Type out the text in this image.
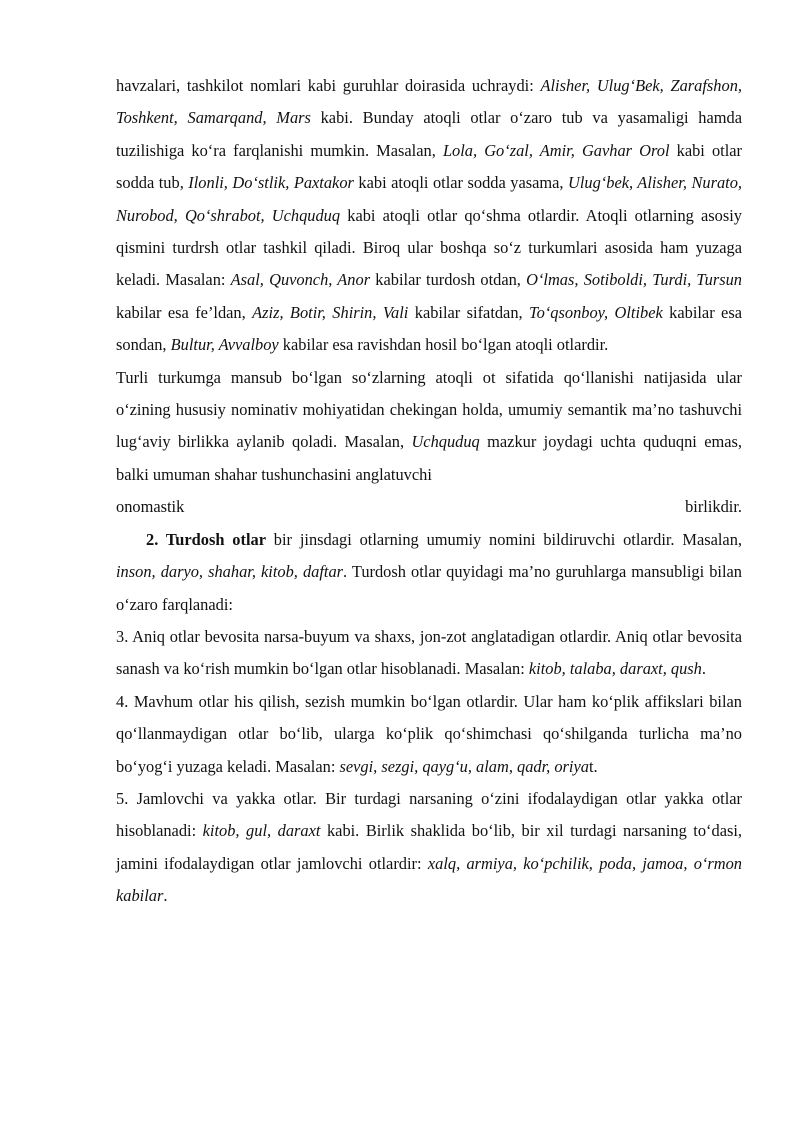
havzalari, tashkilot nomlari kabi guruhlar doirasida uchraydi: Alisher, Ulug‘Bek, Zarafshon, Toshkent, Samarqand, Mars kabi. Bunday atoqli otlar o‘zaro tub va yasamaligi hamda tuzilishiga ko‘ra farqlanishi mumkin. Masalan, Lola, Go‘zal, Amir, Gavhar Orol kabi otlar sodda tub, Ilonli, Do‘stlik, Paxtakor kabi atoqli otlar sodda yasama, Ulug‘bek, Alisher, Nurato, Nurobod, Qo‘shrabot, Uchquduq kabi atoqli otlar qo‘shma otlardir. Atoqli otlarning asosiy qismini turdrsh otlar tashkil qiladi. Biroq ular boshqa so‘z turkumlari asosida ham yuzaga keladi. Masalan: Asal, Quvonch, Anor kabilar turdosh otdan, O‘lmas, Sotiboldi, Turdi, Tursun kabilar esa fe’ldan, Aziz, Botir, Shirin, Vali kabilar sifatdan, To‘qsonboy, Oltibek kabilar esa sondan, Bultur, Avvalboy kabilar esa ravishdan hosil bo‘lgan atoqli otlardir.

Turli turkumga mansub bo‘lgan so‘zlarning atoqli ot sifatida qo‘llanishi natijasida ular o‘zining hususiy nominativ mohiyatidan chekingan holda, umumiy semantik ma’no tashuvchi lug‘aviy birlikka aylanib qoladi. Masalan, Uchquduq mazkur joydagi uchta quduqni emas, balki umuman shahar tushunchasini anglatuvchi

onomastik	birlikdir.

2. Turdosh otlar bir jinsdagi otlarning umumiy nomini bildiruvchi otlardir. Masalan, inson, daryo, shahar, kitob, daftar. Turdosh otlar quyidagi ma’no guruhlarga mansubligi bilan o‘zaro farqlanadi:

3. Aniq otlar bevosita narsa-buyum va shaxs, jon-zot anglatadigan otlardir. Aniq otlar bevosita sanash va ko‘rish mumkin bo‘lgan otlar hisoblanadi. Masalan: kitob, talaba, daraxt, qush.

4. Mavhum otlar his qilish, sezish mumkin bo‘lgan otlardir. Ular ham ko‘plik affikslari bilan qo‘llanmaydigan otlar bo‘lib, ularga ko‘plik qo‘shimchasi qo‘shilganda turlicha ma’no bo‘yog‘i yuzaga keladi. Masalan: sevgi, sezgi, qayg‘u, alam, qadr, oriyat.

5. Jamlovchi va yakka otlar. Bir turdagi narsaning o‘zini ifodalaydigan otlar yakka otlar hisoblanadi: kitob, gul, daraxt kabi. Birlik shaklida bo‘lib, bir xil turdagi narsaning to‘dasi, jamini ifodalaydigan otlar jamlovchi otlardir: xalq, armiya, ko‘pchilik, poda, jamoa, o‘rmon kabilar.
